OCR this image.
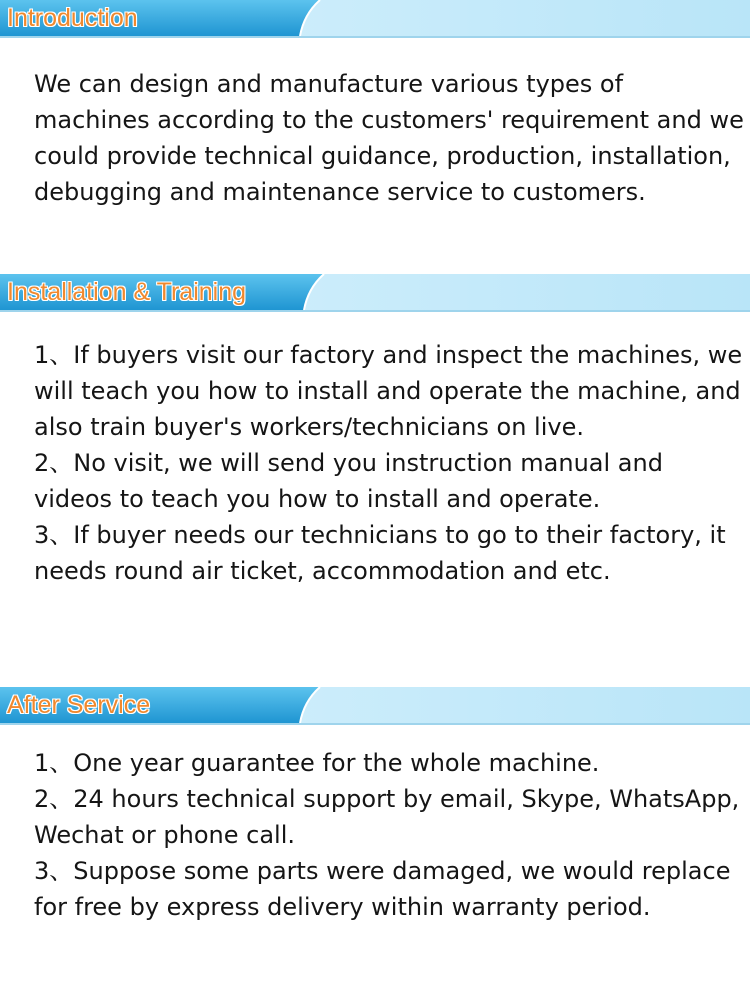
Introduction

We can design and manufacture various types of machines according to the customers' requirement and we could provide technical guidance, production, installation, debugging and maintenance service to customers.

Installation & Training

1、If buyers visit our factory and inspect the machines, we will teach you how to install and operate the machine, and also train buyer's workers/technicians on live.

2、No visit, we will send you instruction manual and videos to teach you how to install and operate.

3、If buyer needs our technicians to go to their factory, it needs round air ticket, accommodation and etc.

After Service

1、One year guarantee for the whole machine.

2、24 hours technical support by email, Skype, WhatsApp, Wechat or phone call.

3、Suppose some parts were damaged, we would replace for free by express delivery within warranty period.
